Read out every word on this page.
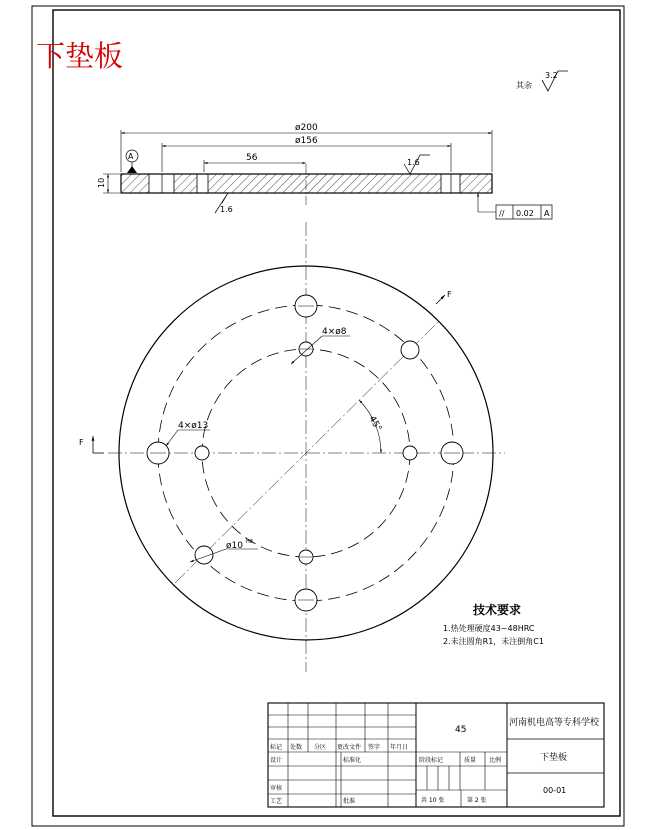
下垫板
其余
3.2
ø200
ø156
56
A
10
1.6
1.6	// 0.02 A
4×ø8
4×ø13
ø10 H8
45°
F
F
技术要求
1.热处理硬度43~48HRC
2.未注圆角R1，未注倒角C1
45
河南机电高等专科学校
下垫板
00-01
标记 处数 分区 更改文件 签字 年月日
设计	标准化
审核
工艺	批准
阶段标记	质量 比例
共 10 张	第 2 张
